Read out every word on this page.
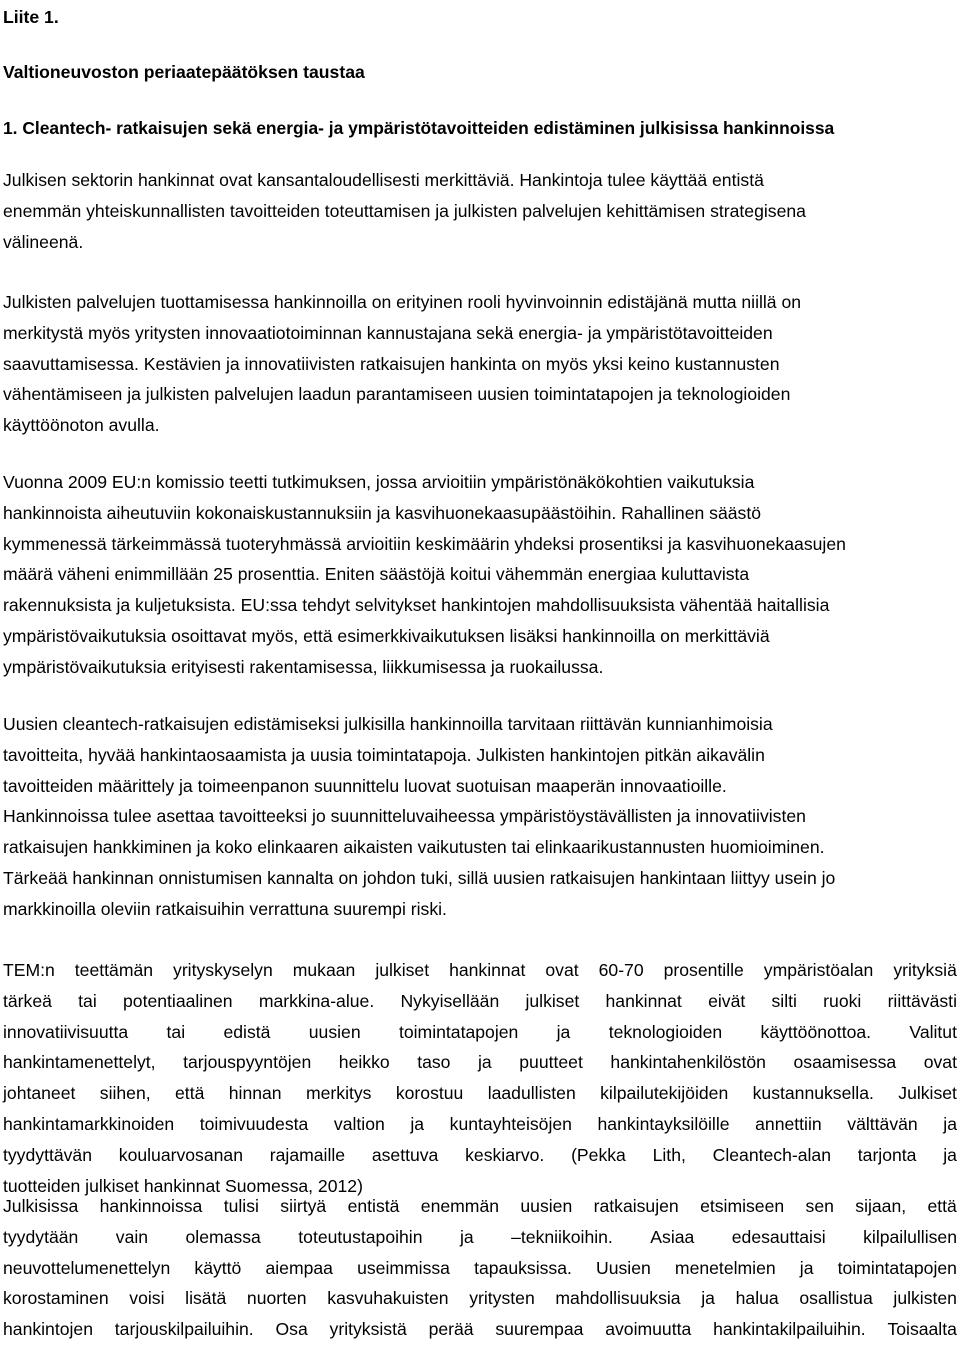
Liite 1.
Valtioneuvoston periaatepäätöksen taustaa
1. Cleantech- ratkaisujen sekä energia- ja ympäristötavoitteiden edistäminen julkisissa hankinnoissa
Julkisen sektorin hankinnat ovat kansantaloudellisesti merkittäviä. Hankintoja tulee käyttää entistä
enemmän yhteiskunnallisten tavoitteiden toteuttamisen ja julkisten palvelujen kehittämisen strategisena
välineenä.
Julkisten palvelujen tuottamisessa hankinnoilla on erityinen rooli hyvinvoinnin edistäjänä mutta niillä on
merkitystä myös yritysten innovaatiotoiminnan kannustajana sekä energia- ja ympäristötavoitteiden
saavuttamisessa. Kestävien ja innovatiivisten ratkaisujen hankinta on myös yksi keino kustannusten
vähentämiseen ja julkisten palvelujen laadun parantamiseen uusien toimintatapojen ja teknologioiden
käyttöönoton avulla.
Vuonna 2009 EU:n komissio teetti tutkimuksen, jossa arvioitiin ympäristönäkökohtien vaikutuksia
hankinnoista aiheutuviin kokonaiskustannuksiin ja kasvihuonekaasupäästöihin. Rahallinen säästö
kymmenessä tärkeimmässä tuoteryhmässä arvioitiin keskimäärin yhdeksi prosentiksi ja kasvihuonekaasujen
määrä väheni enimmillään 25 prosenttia. Eniten säästöjä koitui vähemmän energiaa kuluttavista
rakennuksista ja kuljetuksista. EU:ssa tehdyt selvitykset hankintojen mahdollisuuksista vähentää haitallisia
ympäristövaikutuksia osoittavat myös, että esimerkkivaikutuksen lisäksi hankinnoilla on merkittäviä
ympäristövaikutuksia erityisesti rakentamisessa, liikkumisessa ja ruokailussa.
Uusien cleantech-ratkaisujen edistämiseksi julkisilla hankinnoilla tarvitaan riittävän kunnianhimoisia
tavoitteita, hyvää hankintaosaamista ja uusia toimintatapoja. Julkisten hankintojen pitkän aikavälin
tavoitteiden määrittely ja toimeenpanon suunnittelu luovat suotuisan maaperän innovaatioille.
Hankinnoissa tulee asettaa tavoitteeksi jo suunnitteluvaiheessa ympäristöystävällisten ja innovatiivisten
ratkaisujen hankkiminen ja koko elinkaaren aikaisten vaikutusten tai elinkaarikustannusten huomioiminen.
Tärkeää hankinnan onnistumisen kannalta on johdon tuki, sillä uusien ratkaisujen hankintaan liittyy usein jo
markkinoilla oleviin ratkaisuihin verrattuna suurempi riski.
TEM:n teettämän yrityskyselyn mukaan julkiset hankinnat ovat 60-70 prosentille ympäristöalan yrityksiä
tärkeä tai potentiaalinen markkina-alue. Nykyisellään julkiset hankinnat eivät silti ruoki riittävästi
innovatiivisuutta tai edistä uusien toimintatapojen ja teknologioiden käyttöönottoa. Valitut
hankintamenettelyt, tarjouspyyntöjen heikko taso ja puutteet hankintahenkilöstön osaamisessa ovat
johtaneet siihen, että hinnan merkitys korostuu laadullisten kilpailutekijöiden kustannuksella. Julkiset
hankintamarkkinoiden toimivuudesta valtion ja kuntayhteisöjen hankintayksilöille annettiin välttävän ja
tyydyttävän kouluarvosanan rajamaille asettuva keskiarvo. (Pekka Lith, Cleantech-alan tarjonta ja
tuotteiden julkiset hankinnat Suomessa, 2012)
Julkisissa hankinnoissa tulisi siirtyä entistä enemmän uusien ratkaisujen etsimiseen sen sijaan, että
tyydytään vain olemassa toteutustapoihin ja –tekniikoihin. Asiaa edesauttaisi kilpailullisen
neuvottelumenettelyn käyttö aiempaa useimmissa tapauksissa. Uusien menetelmien ja toimintatapojen
korostaminen voisi lisätä nuorten kasvuhakuisten yritysten mahdollisuuksia ja halua osallistua julkisten
hankintojen tarjouskilpailuihin. Osa yrityksistä perää suurempaa avoimuutta hankintakilpailuihin. Toisaalta
